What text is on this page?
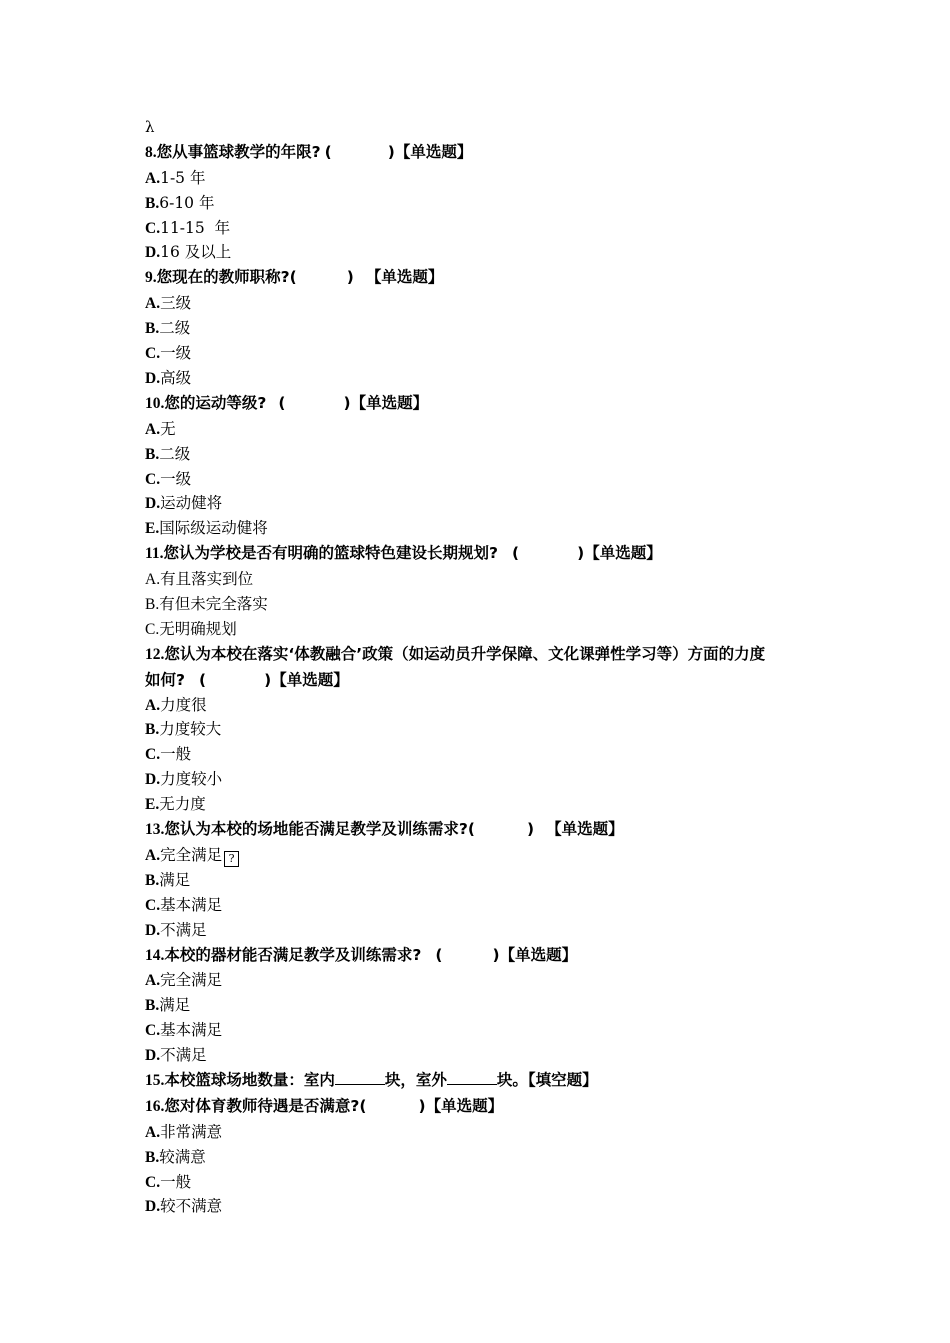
λ
8.您从事篮球教学的年限? (	)【单选题】
A.1-5 年
B.6-10 年
C.11-15  年
D.16 及以上
9.您现在的教师职称?(	) 【单选题】
A.三级
B.二级
C.一级
D.高级
10.您的运动等级? (	)【单选题】
A.无
B.二级
C.一级
D.运动健将
E.国际级运动健将
11.您认为学校是否有明确的篮球特色建设长期规划? (	)【单选题】
A.有且落实到位
B.有但未完全落实
C.无明确规划
12.您认为本校在落实‘体教融合’政策（如运动员升学保障、文化课弹性学习等）方面的力度
如何? (	)【单选题】
A.力度很
B.力度较大
C.一般
D.力度较小
E.无力度
13.您认为本校的场地能否满足教学及训练需求?(	) 【单选题】
A.完全满足 ?
B.满足
C.基本满足
D.不满足
14.本校的器材能否满足教学及训练需求? (	)【单选题】
A.完全满足
B.满足
C.基本满足
D.不满足
15.本校篮球场地数量：室内	块，室外	块。【填空题】
16.您对体育教师待遇是否满意?(	)【单选题】
A.非常满意
B.较满意
C.一般
D.较不满意
